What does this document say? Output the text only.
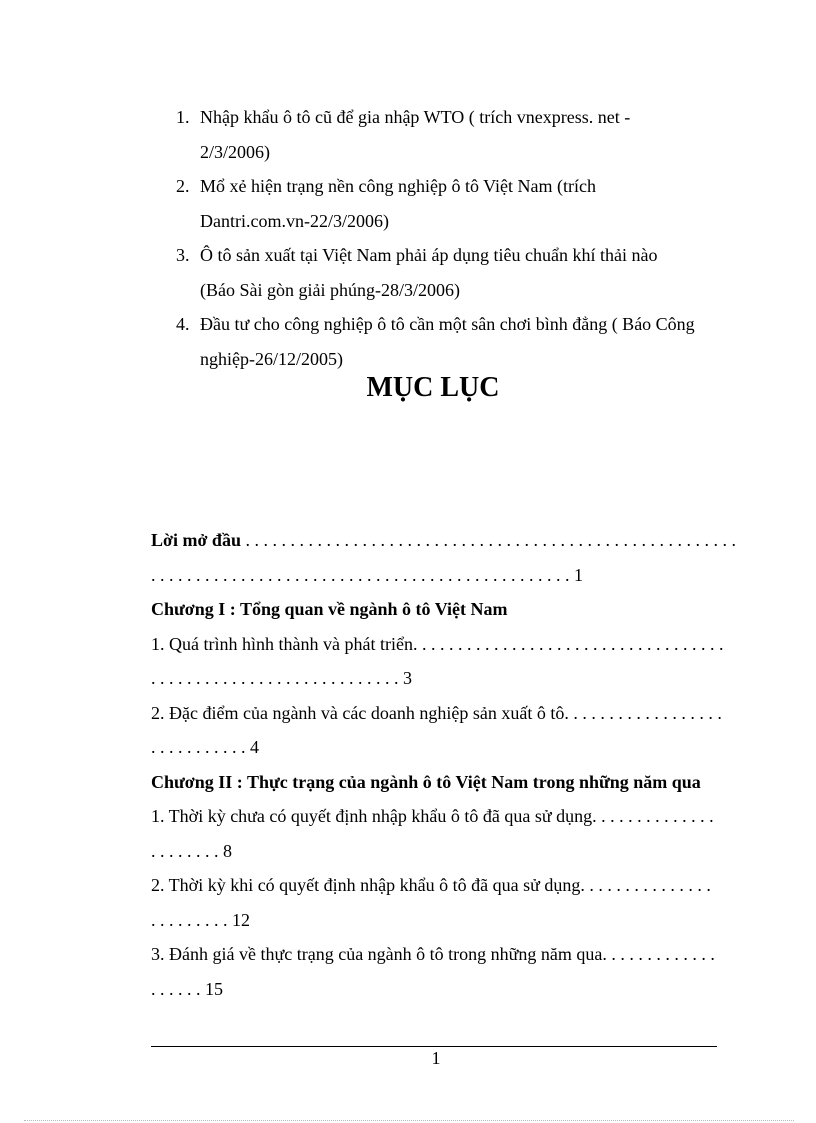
1. Nhập khẩu ô tô cũ để gia nhập WTO ( trích vnexpress. net -
2/3/2006)
2. Mổ xẻ hiện trạng nền công nghiệp ô tô Việt Nam (trích
Dantri.com.vn-22/3/2006)
3. Ô tô sản xuất tại Việt Nam phải áp dụng tiêu chuẩn khí thải nào
(Báo Sài gòn giải phúng-28/3/2006)
4. Đầu tư cho công nghiệp ô tô cần một sân chơi bình đẳng ( Báo Công
nghiệp-26/12/2005)
MỤC LỤC
Lời mở đầu . . . . . . . . . . . . . . . . . . . . . . . . . . . . . . . . . . . . . . . . . . . . . . . . . . . . . . .
. . . . . . . . . . . . . . . . . . . . . . . . . . . . . . . . . . . . . . . . . . . . . . . 1
Chương I : Tổng quan về ngành ô tô Việt Nam
1. Quá trình hình thành và phát triển. . . . . . . . . . . . . . . . . . . . . . . . . . . . . . . . . . .
. . . . . . . . . . . . . . . . . . . . . . . . . . . . 3
2. Đặc điểm của ngành và các doanh nghiệp sản xuất ô tô. . . . . . . . . . . . . . . . . .
. . . . . . . . . . . 4
Chương II : Thực trạng của ngành ô tô Việt Nam trong những năm qua
1. Thời kỳ chưa có quyết định nhập khẩu ô tô đã qua sử dụng. . . . . . . . . . . . . .
. . . . . . . . 8
2. Thời kỳ khi có quyết định nhập khẩu ô tô đã qua sử dụng. . . . . . . . . . . . . . .
. . . . . . . . . 12
3. Đánh giá về thực trạng của ngành ô tô trong những năm qua. . . . . . . . . . . . .
. . . . . . 15
1
